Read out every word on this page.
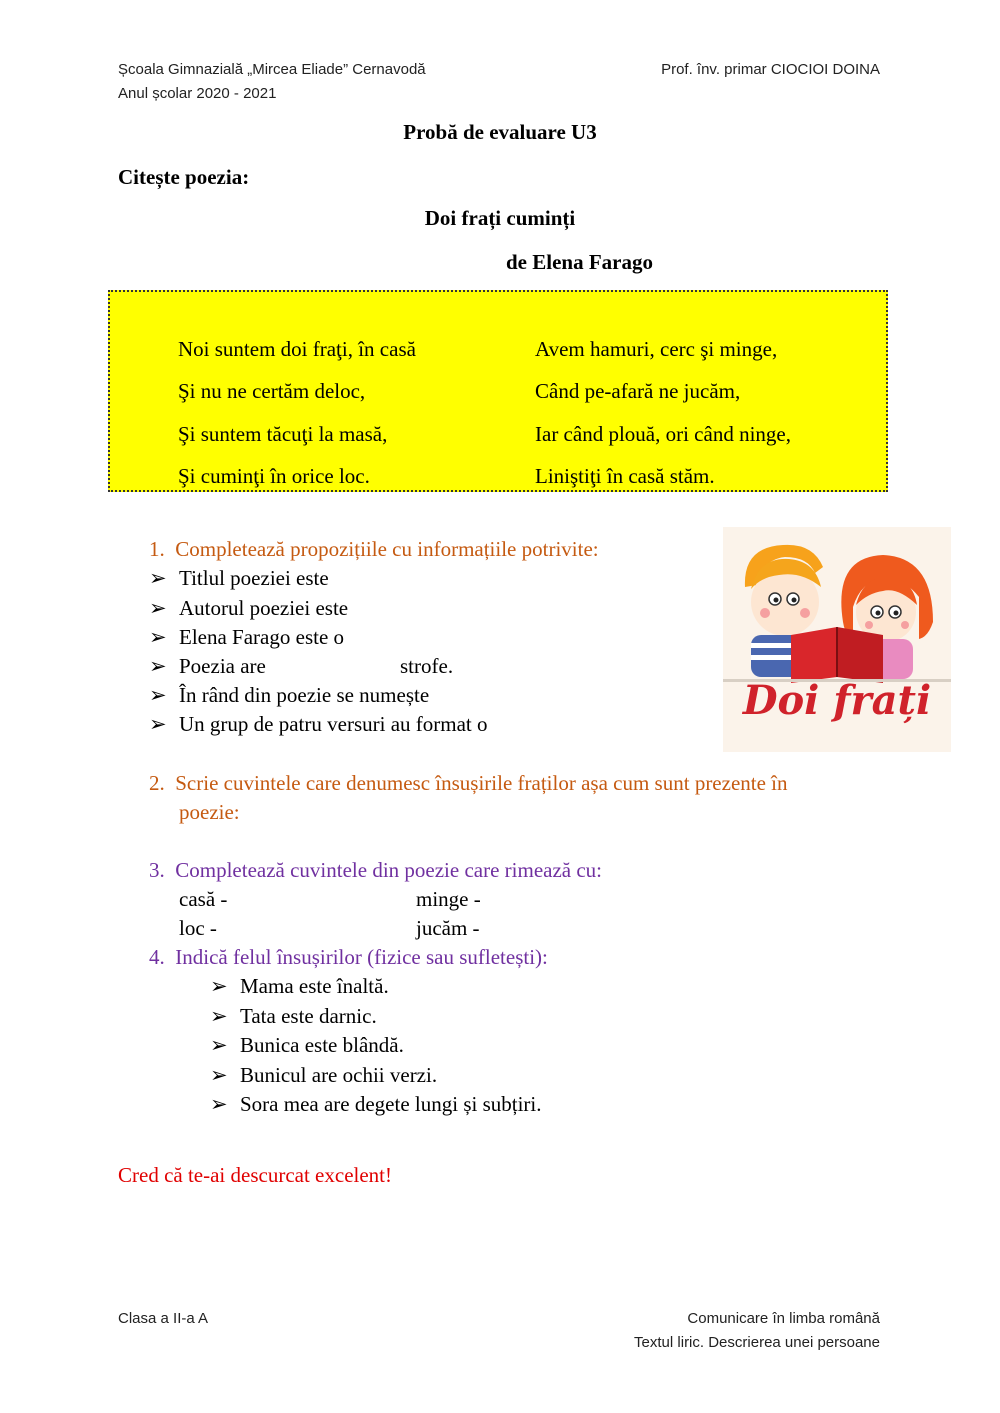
Școala Gimnazială „Mircea Eliade” Cernavodă
Anul școlar 2020 - 2021
Prof. înv. primar CIOCIOI DOINA
Probă de evaluare U3
Citește poezia:
Doi frați cuminți
de Elena Farago
Noi suntem doi fraţi, în casă
Şi nu ne certăm deloc,
Şi suntem tăcuţi la masă,
Şi cuminţi în orice loc.
Avem hamuri, cerc şi minge,
Când pe-afară ne jucăm,
Iar când plouă, ori când ninge,
Liniştiţi în casă stăm.
1. Completează propozițiile cu informațiile potrivite:
➢ Titlul poeziei este
➢ Autorul poeziei este
➢ Elena Farago este o
➢ Poezia are	strofe.
➢ În rând din poezie se numește
➢ Un grup de patru versuri au format o	Doi frați
2. Scrie cuvintele care denumesc însușirile fraților așa cum sunt prezente în
poezie:
3. Completează cuvintele din poezie care rimează cu:
casă -	minge -
loc -	jucăm -
4. Indică felul însușirilor (fizice sau sufletești):
➢ Mama este înaltă.
➢ Tata este darnic.
➢ Bunica este blândă.
➢ Bunicul are ochii verzi.
➢ Sora mea are degete lungi și subțiri.
Cred că te-ai descurcat excelent!
Clasa a II-a A	Comunicare în limba română
Textul liric. Descrierea unei persoane
